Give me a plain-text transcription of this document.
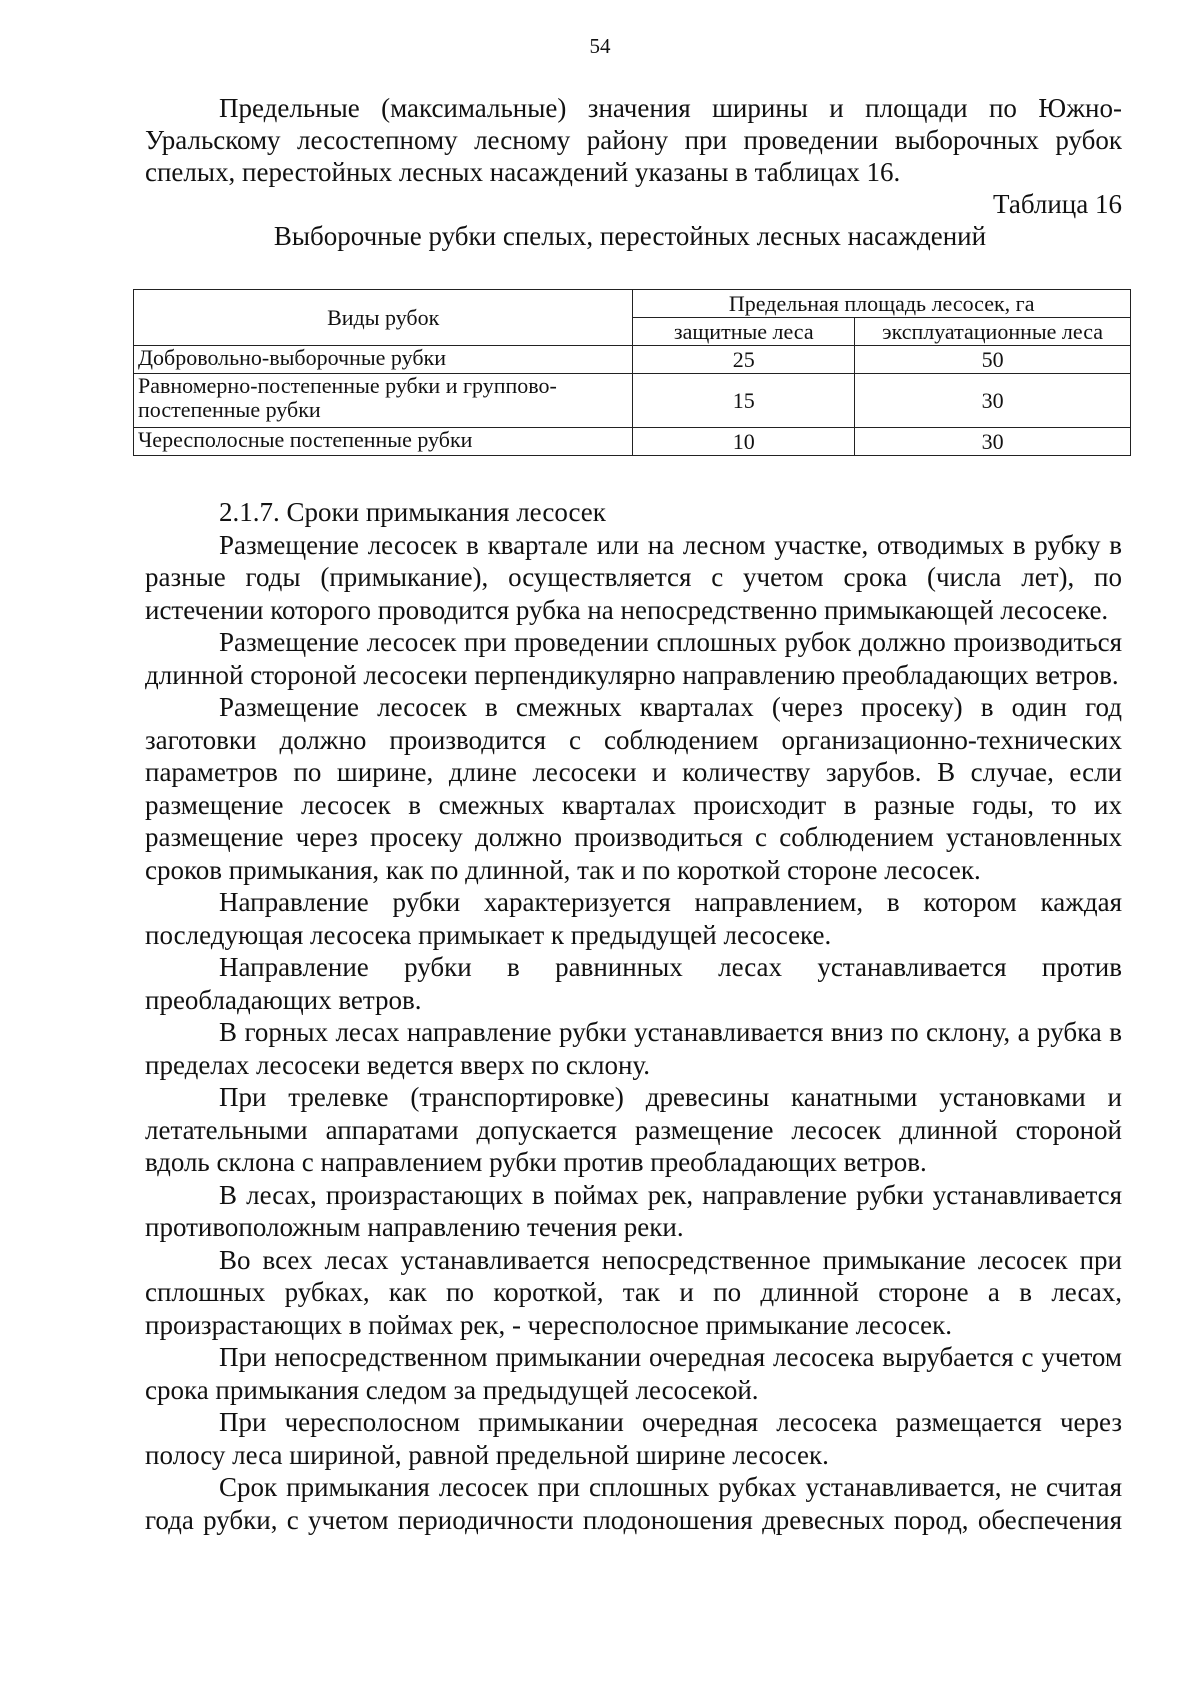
54

Предельные (максимальные) значения ширины и площади по Южно-Уральскому лесостепному лесному району при проведении выборочных рубок спелых, перестойных лесных насаждений указаны в таблицах 16.

Таблица 16
Выборочные рубки спелых, перестойных лесных насаждений
Виды рубок	Предельная площадь лесосек, га	
	защитные леса	эксплуатационные леса
Добровольно-выборочные рубки	25	50
Равномерно-постепенные рубки и группово-постепенные рубки	15	30
Чересполосные постепенные рубки	10	30

2.1.7. Сроки примыкания лесосек

Размещение лесосек в квартале или на лесном участке, отводимых в рубку в разные годы (примыкание), осуществляется с учетом срока (числа лет), по истечении которого проводится рубка на непосредственно примыкающей лесосеке.

Размещение лесосек при проведении сплошных рубок должно производиться длинной стороной лесосеки перпендикулярно направлению преобладающих ветров.

Размещение лесосек в смежных кварталах (через просеку) в один год заготовки должно производится с соблюдением организационно-технических параметров по ширине, длине лесосеки и количеству зарубов. В случае, если размещение лесосек в смежных кварталах происходит в разные годы, то их размещение через просеку должно производиться с соблюдением установленных сроков примыкания, как по длинной, так и по короткой стороне лесосек.

Направление рубки характеризуется направлением, в котором каждая последующая лесосека примыкает к предыдущей лесосеке.

Направление рубки в равнинных лесах устанавливается против преобладающих ветров.

В горных лесах направление рубки устанавливается вниз по склону, а рубка в пределах лесосеки ведется вверх по склону.

При трелевке (транспортировке) древесины канатными установками и летательными аппаратами допускается размещение лесосек длинной стороной вдоль склона с направлением рубки против преобладающих ветров.

В лесах, произрастающих в поймах рек, направление рубки устанавливается противоположным направлению течения реки.

Во всех лесах устанавливается непосредственное примыкание лесосек при сплошных рубках, как по короткой, так и по длинной стороне а в лесах, произрастающих в поймах рек, - чересполосное примыкание лесосек.

При непосредственном примыкании очередная лесосека вырубается с учетом срока примыкания следом за предыдущей лесосекой.

При чересполосном примыкании очередная лесосека размещается через полосу леса шириной, равной предельной ширине лесосек.

Срок примыкания лесосек при сплошных рубках устанавливается, не считая года рубки, с учетом периодичности плодоношения древесных пород, обеспечения
